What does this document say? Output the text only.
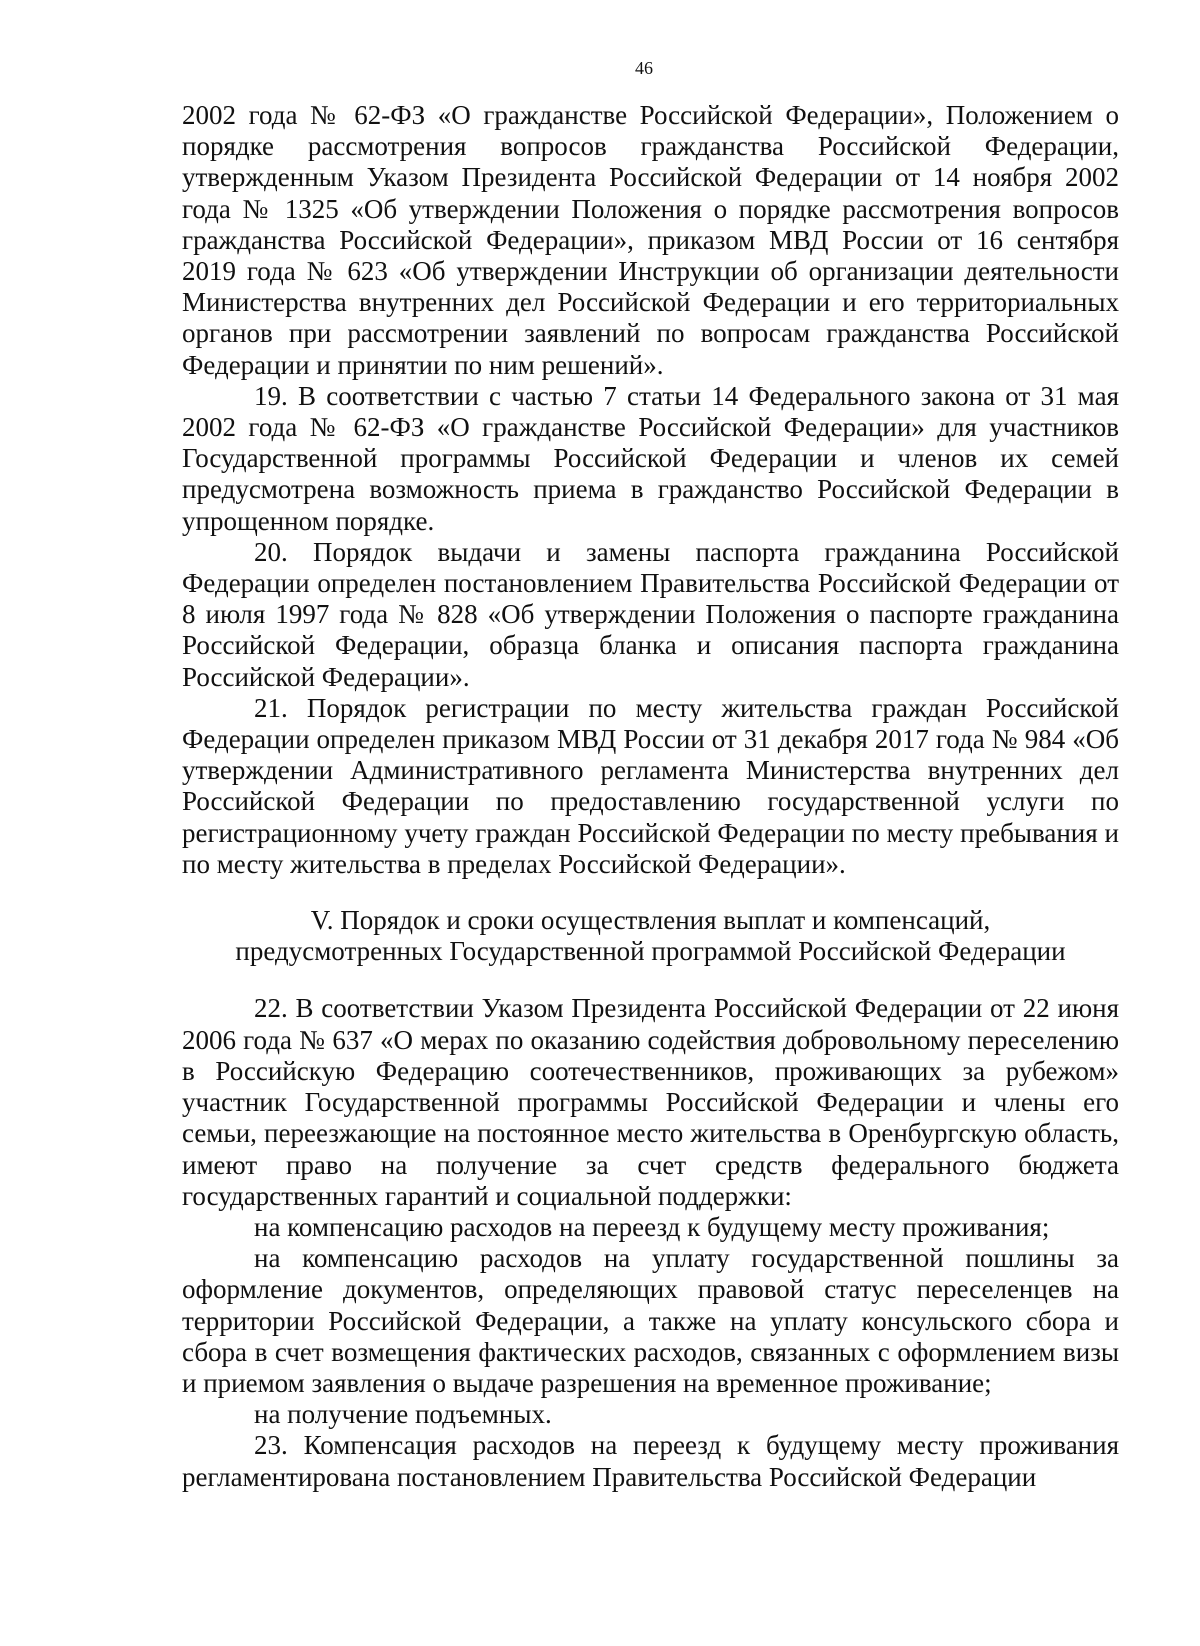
46

2002 года № 62-ФЗ «О гражданстве Российской Федерации», Положением о порядке рассмотрения вопросов гражданства Российской Федерации, утвержденным Указом Президента Российской Федерации от 14 ноября 2002 года № 1325 «Об утверждении Положения о порядке рассмотрения вопросов гражданства Российской Федерации», приказом МВД России от 16 сентября 2019 года № 623 «Об утверждении Инструкции об организации деятельности Министерства внутренних дел Российской Федерации и его территориальных органов при рассмотрении заявлений по вопросам гражданства Российской Федерации и принятии по ним решений».

19. В соответствии с частью 7 статьи 14 Федерального закона от 31 мая 2002 года № 62-ФЗ «О гражданстве Российской Федерации» для участников Государственной программы Российской Федерации и членов их семей предусмотрена возможность приема в гражданство Российской Федерации в упрощенном порядке.

20. Порядок выдачи и замены паспорта гражданина Российской Федерации определен постановлением Правительства Российской Федерации от 8 июля 1997 года № 828 «Об утверждении Положения о паспорте гражданина Российской Федерации, образца бланка и описания паспорта гражданина Российской Федерации».

21. Порядок регистрации по месту жительства граждан Российской Федерации определен приказом МВД России от 31 декабря 2017 года № 984 «Об утверждении Административного регламента Министерства внутренних дел Российской Федерации по предоставлению государственной услуги по регистрационному учету граждан Российской Федерации по месту пребывания и по месту жительства в пределах Российской Федерации».

V. Порядок и сроки осуществления выплат и компенсаций,
предусмотренных Государственной программой Российской Федерации

22. В соответствии Указом Президента Российской Федерации от 22 июня 2006 года № 637 «О мерах по оказанию содействия добровольному переселению в Российскую Федерацию соотечественников, проживающих за рубежом» участник Государственной программы Российской Федерации и члены его семьи, переезжающие на постоянное место жительства в Оренбургскую область, имеют право на получение за счет средств федерального бюджета государственных гарантий и социальной поддержки:

на компенсацию расходов на переезд к будущему месту проживания;

на компенсацию расходов на уплату государственной пошлины за оформление документов, определяющих правовой статус переселенцев на территории Российской Федерации, а также на уплату консульского сбора и сбора в счет возмещения фактических расходов, связанных с оформлением визы и приемом заявления о выдаче разрешения на временное проживание;

на получение подъемных.

23. Компенсация расходов на переезд к будущему месту проживания регламентирована постановлением Правительства Российской Федерации
